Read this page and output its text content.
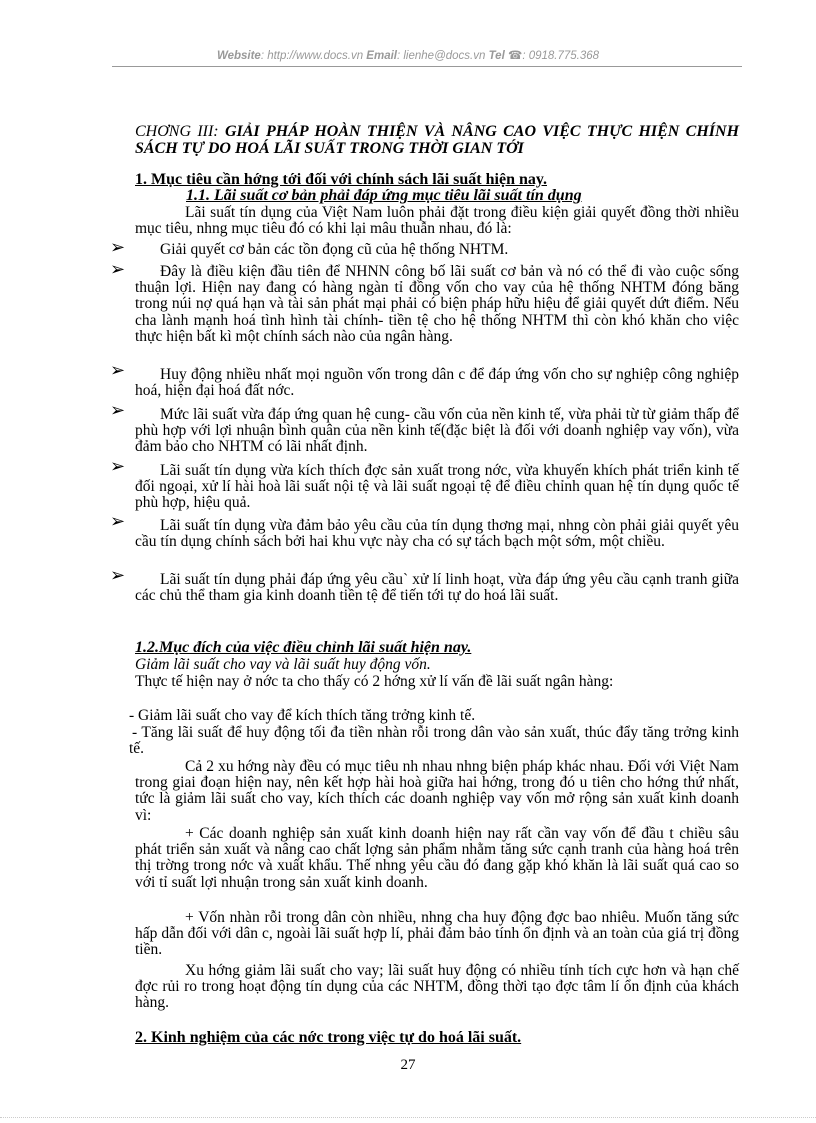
Website: http://www.docs.vn Email: lienhe@docs.vn Tel ☎: 0918.775.368
CHƠNG III: GIẢI PHÁP HOÀN THIỆN VÀ NÂNG CAO VIỆC THỰC HIỆN CHÍNH SÁCH TỰ DO HOÁ LÃI SUẤT TRONG THỜI GIAN TỚI
1. Mục tiêu cần hớng tới đối với chính sách lãi suất hiện nay.
1.1. Lãi suất cơ bản phải đáp ứng mục tiêu lãi suất tín dụng

Lãi suất tín dụng của Việt Nam luôn phải đặt trong điều kiện giải quyết đồng thời nhiều mục tiêu, nhng mục tiêu đó có khi lại mâu thuẫn nhau, đó là:

➢	Giải quyết cơ bản các tồn đọng cũ của hệ thống NHTM.

➢	Đây là điều kiện đầu tiên để NHNN công bố lãi suất cơ bản và nó có thể đi vào cuộc sống thuận lợi. Hiện nay đang có hàng ngàn tỉ đồng vốn cho vay của hệ thống NHTM đóng băng trong núi nợ quá hạn và tài sản phát mại phải có biện pháp hữu hiệu để giải quyết dứt điểm. Nếu cha lành mạnh hoá tình hình tài chính- tiền tệ cho hệ thống NHTM thì còn khó khăn cho việc thực hiện bất kì một chính sách nào của ngân hàng.

➢	Huy động nhiều nhất mọi nguồn vốn trong dân c để đáp ứng vốn cho sự nghiệp công nghiệp hoá, hiện đại hoá đất nớc.

➢	Mức lãi suất vừa đáp ứng quan hệ cung- cầu vốn của nền kinh tế, vừa phải từ từ giảm thấp để phù hợp với lợi nhuận bình quân của nền kinh tế(đặc biệt là đối với doanh nghiệp vay vốn), vừa đảm bảo cho NHTM có lãi nhất định.

➢	Lãi suất tín dụng vừa kích thích đợc sản xuất trong nớc, vừa khuyến khích phát triển kinh tế đối ngoại, xử lí hài hoà lãi suất nội tệ và lãi suất ngoại tệ để điều chỉnh quan hệ tín dụng quốc tế phù hợp, hiệu quả.

➢	Lãi suất tín dụng vừa đảm bảo yêu cầu của tín dụng thơng mại, nhng còn phải giải quyết yêu cầu tín dụng chính sách bởi hai khu vực này cha có sự tách bạch một sớm, một chiều.

➢	Lãi suất tín dụng phải đáp ứng yêu cầu` xử lí linh hoạt, vừa đáp ứng yêu cầu cạnh tranh giữa các chủ thể tham gia kinh doanh tiền tệ để tiến tới tự do hoá lãi suất.

1.2.Mục đích của việc điều chỉnh lãi suất hiện nay.
Giảm lãi suất cho vay và lãi suất huy động vốn.

Thực tế hiện nay ở nớc ta cho thấy có 2 hớng xử lí vấn đề lãi suất ngân hàng:

- Giảm lãi suất cho vay để kích thích tăng trởng kinh tế.

- Tăng lãi suất để huy động tối đa tiền nhàn rỗi trong dân vào sản xuất, thúc đẩy tăng trởng kinh tế.

Cả 2 xu hớng này đều có mục tiêu nh nhau nhng biện pháp khác nhau. Đối với Việt Nam trong giai đoạn hiện nay, nên kết hợp hài hoà giữa hai hớng, trong đó u tiên cho hớng thứ nhất, tức là giảm lãi suất cho vay, kích thích các doanh nghiệp vay vốn mở rộng sản xuất kinh doanh vì:

+ Các doanh nghiệp sản xuất kinh doanh hiện nay rất cần vay vốn để đầu t chiều sâu phát triển sản xuất và nâng cao chất lợng sản phẩm nhằm tăng sức cạnh tranh của hàng hoá trên thị trờng trong nớc và xuất khẩu. Thế nhng yêu cầu đó đang gặp khó khăn là lãi suất quá cao so với tỉ suất lợi nhuận trong sản xuất kinh doanh.

+ Vốn nhàn rỗi trong dân còn nhiều, nhng cha huy động đợc bao nhiêu. Muốn tăng sức hấp dẫn đối với dân c, ngoài lãi suất hợp lí, phải đảm bảo tính ổn định và an toàn của giá trị đồng tiền.

Xu hớng giảm lãi suất cho vay; lãi suất huy động có nhiều tính tích cực hơn và hạn chế đợc rủi ro trong hoạt động tín dụng của các NHTM, đồng thời tạo đợc tâm lí ổn định của khách hàng.

2. Kinh nghiệm của các nớc trong việc tự do hoá lãi suất.
27
